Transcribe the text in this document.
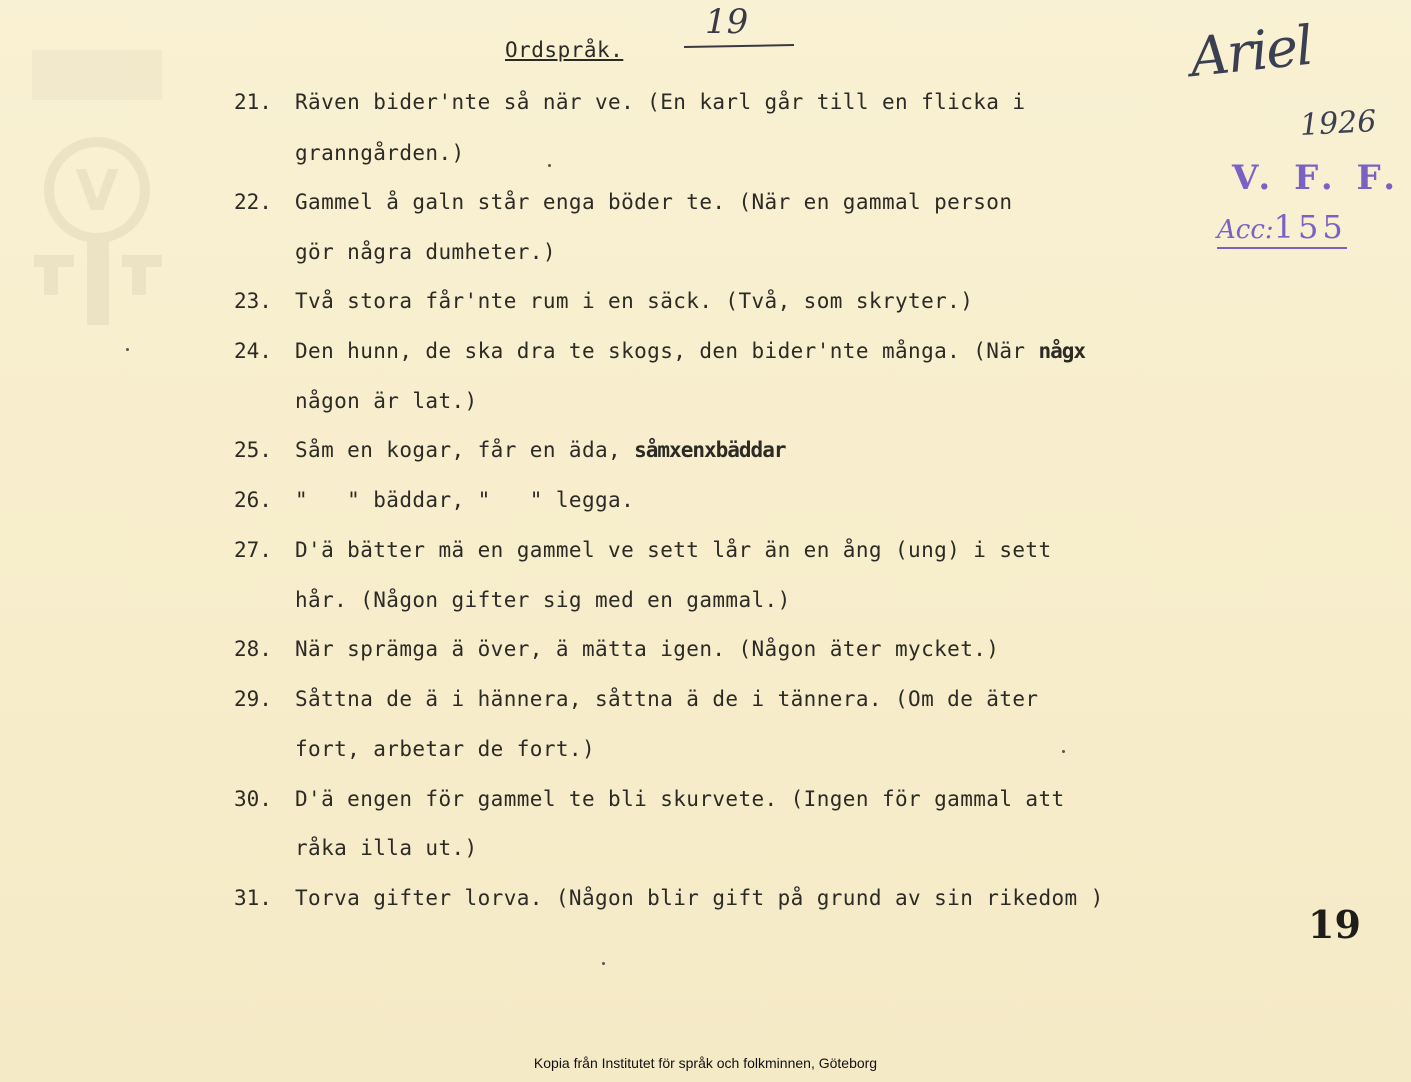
V
Ordspråk.
19	Ariel
1926
V. F. F.
Acc:155
21. Räven bider'nte så när ve. (En karl går till en flicka i
granngården.)
22. Gammel å galn står enga böder te. (När en gammal person
gör några dumheter.)
23. Två stora får'nte rum i en säck. (Två, som skryter.)
24. Den hunn, de ska dra te skogs, den bider'nte många. (När någx
någon är lat.)
25. Såm en kogar, får en äda, såmxenxbäddar
26. "   " bäddar, "   " legga.
27. D'ä bätter mä en gammel ve sett lår än en ång (ung) i sett
hår. (Någon gifter sig med en gammal.)
28. När sprämga ä över, ä mätta igen. (Någon äter mycket.)
29. Såttna de ä i hännera, såttna ä de i tännera. (Om de äter
fort, arbetar de fort.)
30. D'ä engen för gammel te bli skurvete. (Ingen för gammal att
råka illa ut.)
31. Torva gifter lorva. (Någon blir gift på grund av sin rikedom )
19
Kopia från Institutet för språk och folkminnen, Göteborg
